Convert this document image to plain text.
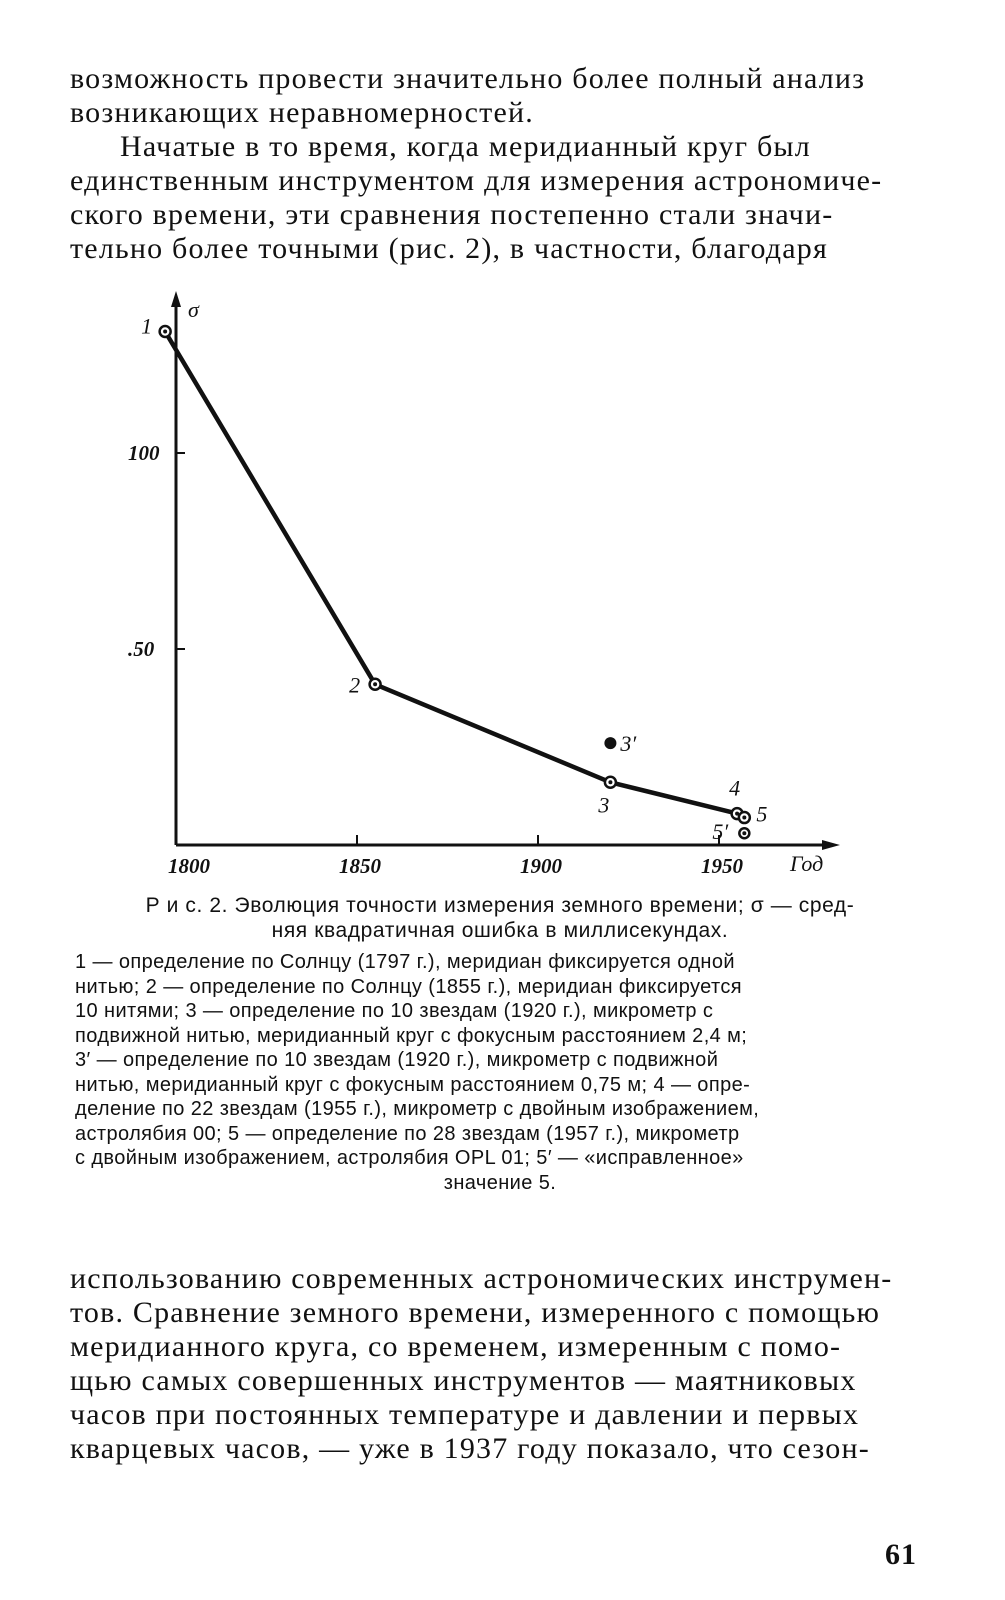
возможность провести значительно более полный анализ
возникающих неравномерностей.
Начатые в то время, когда меридианный круг был
единственным инструментом для измерения астрономиче-
ского времени, эти сравнения постепенно стали значи-
тельно более точными (рис. 2), в частности, благодаря
1800	1850	1900	1950
.50
100
σ
Год
1
2
3
4
5
3′
5′
Р и с. 2. Эволюция точности измерения земного времени; σ — сред-
няя квадратичная ошибка в миллисекундах.
1 — определение по Солнцу (1797 г.), меридиан фиксируется одной
нитью; 2 — определение по Солнцу (1855 г.), меридиан фиксируется
10 нитями; 3 — определение по 10 звездам (1920 г.), микрометр с
подвижной нитью, меридианный круг с фокусным расстоянием 2,4 м;
3′ — определение по 10 звездам (1920 г.), микрометр с подвижной
нитью, меридианный круг с фокусным расстоянием 0,75 м; 4 — опре-
деление по 22 звездам (1955 г.), микрометр с двойным изображением,
астролябия 00; 5 — определение по 28 звездам (1957 г.), микрометр
с двойным изображением, астролябия OPL 01; 5′ — «исправленное»
значение 5.
использованию современных астрономических инструмен-
тов. Сравнение земного времени, измеренного с помощью
меридианного круга, со временем, измеренным с помо-
щью самых совершенных инструментов — маятниковых
часов при постоянных температуре и давлении и первых
кварцевых часов, — уже в 1937 году показало, что сезон-
61
